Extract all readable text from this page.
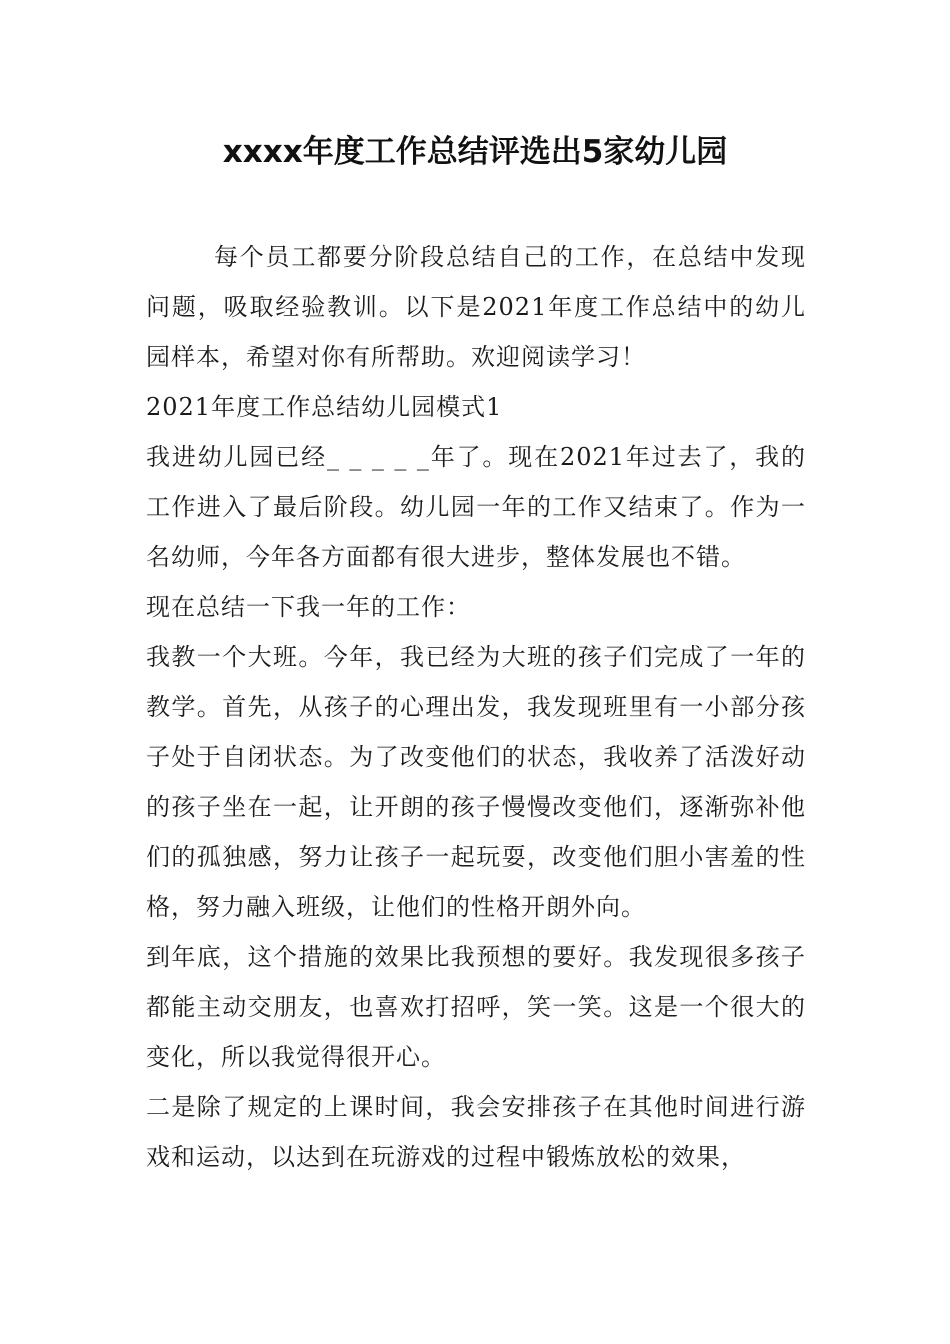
xxxx年度工作总结评选出5家幼儿园

每个员工都要分阶段总结自己的工作，在总结中发现问题，吸取经验教训。以下是2021年度工作总结中的幼儿园样本，希望对你有所帮助。欢迎阅读学习！

2021年度工作总结幼儿园模式1

我进幼儿园已经_ _ _ _ _年了。现在2021年过去了，我的工作进入了最后阶段。幼儿园一年的工作又结束了。作为一名幼师，今年各方面都有很大进步，整体发展也不错。

现在总结一下我一年的工作：

我教一个大班。今年，我已经为大班的孩子们完成了一年的教学。首先，从孩子的心理出发，我发现班里有一小部分孩子处于自闭状态。为了改变他们的状态，我收养了活泼好动的孩子坐在一起，让开朗的孩子慢慢改变他们，逐渐弥补他们的孤独感，努力让孩子一起玩耍，改变他们胆小害羞的性格，努力融入班级，让他们的性格开朗外向。

到年底，这个措施的效果比我预想的要好。我发现很多孩子都能主动交朋友，也喜欢打招呼，笑一笑。这是一个很大的变化，所以我觉得很开心。

二是除了规定的上课时间，我会安排孩子在其他时间进行游戏和运动，以达到在玩游戏的过程中锻炼放松的效果，
